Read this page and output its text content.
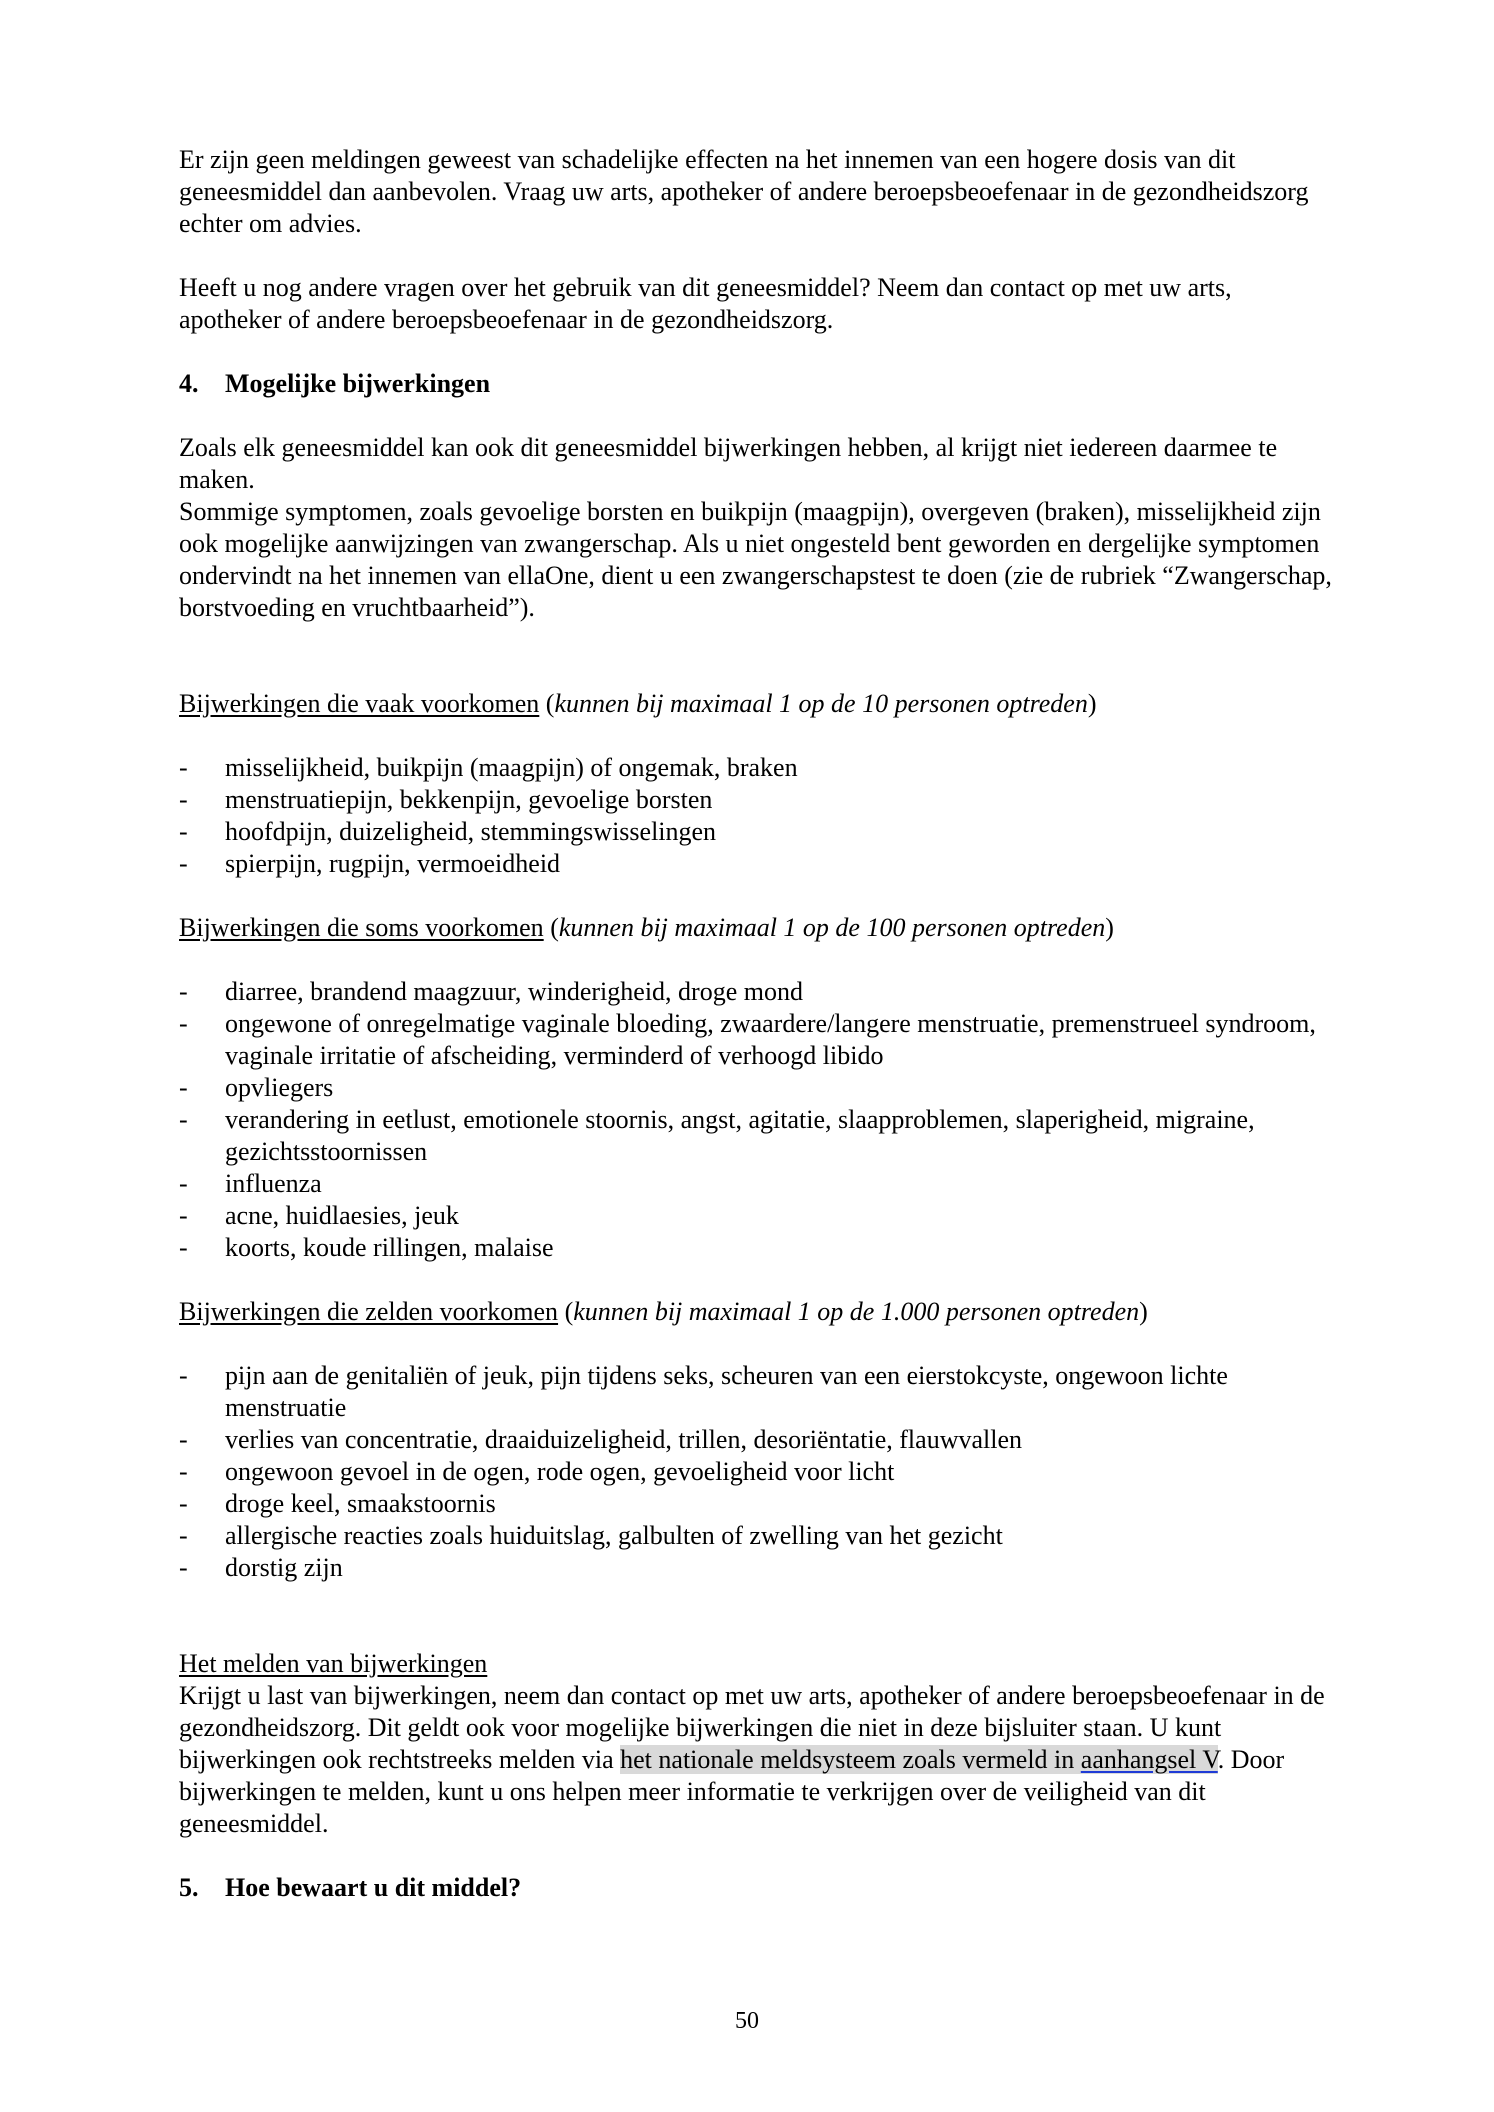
Er zijn geen meldingen geweest van schadelijke effecten na het innemen van een hogere dosis van dit geneesmiddel dan aanbevolen. Vraag uw arts, apotheker of andere beroepsbeoefenaar in de gezondheidszorg echter om advies.

Heeft u nog andere vragen over het gebruik van dit geneesmiddel? Neem dan contact op met uw arts, apotheker of andere beroepsbeoefenaar in de gezondheidszorg.

4.	Mogelijke bijwerkingen

Zoals elk geneesmiddel kan ook dit geneesmiddel bijwerkingen hebben, al krijgt niet iedereen daarmee te maken.

Sommige symptomen, zoals gevoelige borsten en buikpijn (maagpijn), overgeven (braken), misselijkheid zijn ook mogelijke aanwijzingen van zwangerschap. Als u niet ongesteld bent geworden en dergelijke symptomen ondervindt na het innemen van ellaOne, dient u een zwangerschapstest te doen (zie de rubriek “Zwangerschap, borstvoeding en vruchtbaarheid”).

Bijwerkingen die vaak voorkomen (kunnen bij maximaal 1 op de 10 personen optreden)

-	misselijkheid, buikpijn (maagpijn) of ongemak, braken
-	menstruatiepijn, bekkenpijn, gevoelige borsten
-	hoofdpijn, duizeligheid, stemmingswisselingen
-	spierpijn, rugpijn, vermoeidheid

Bijwerkingen die soms voorkomen (kunnen bij maximaal 1 op de 100 personen optreden)

-	diarree, brandend maagzuur, winderigheid, droge mond
-	ongewone of onregelmatige vaginale bloeding, zwaardere/langere menstruatie, premenstrueel syndroom, vaginale irritatie of afscheiding, verminderd of verhoogd libido
-	opvliegers
-	verandering in eetlust, emotionele stoornis, angst, agitatie, slaapproblemen, slaperigheid, migraine, gezichtsstoornissen
-	influenza
-	acne, huidlaesies, jeuk
-	koorts, koude rillingen, malaise

Bijwerkingen die zelden voorkomen (kunnen bij maximaal 1 op de 1.000 personen optreden)

-	pijn aan de genitaliën of jeuk, pijn tijdens seks, scheuren van een eierstokcyste, ongewoon lichte menstruatie
-	verlies van concentratie, draaiduizeligheid, trillen, desoriëntatie, flauwvallen
-	ongewoon gevoel in de ogen, rode ogen, gevoeligheid voor licht
-	droge keel, smaakstoornis
-	allergische reacties zoals huiduitslag, galbulten of zwelling van het gezicht
-	dorstig zijn

Het melden van bijwerkingen

Krijgt u last van bijwerkingen, neem dan contact op met uw arts, apotheker of andere beroepsbeoefenaar in de gezondheidszorg. Dit geldt ook voor mogelijke bijwerkingen die niet in deze bijsluiter staan. U kunt bijwerkingen ook rechtstreeks melden via het nationale meldsysteem zoals vermeld in aanhangsel V. Door bijwerkingen te melden, kunt u ons helpen meer informatie te verkrijgen over de veiligheid van dit geneesmiddel.

5.	Hoe bewaart u dit middel?
50
